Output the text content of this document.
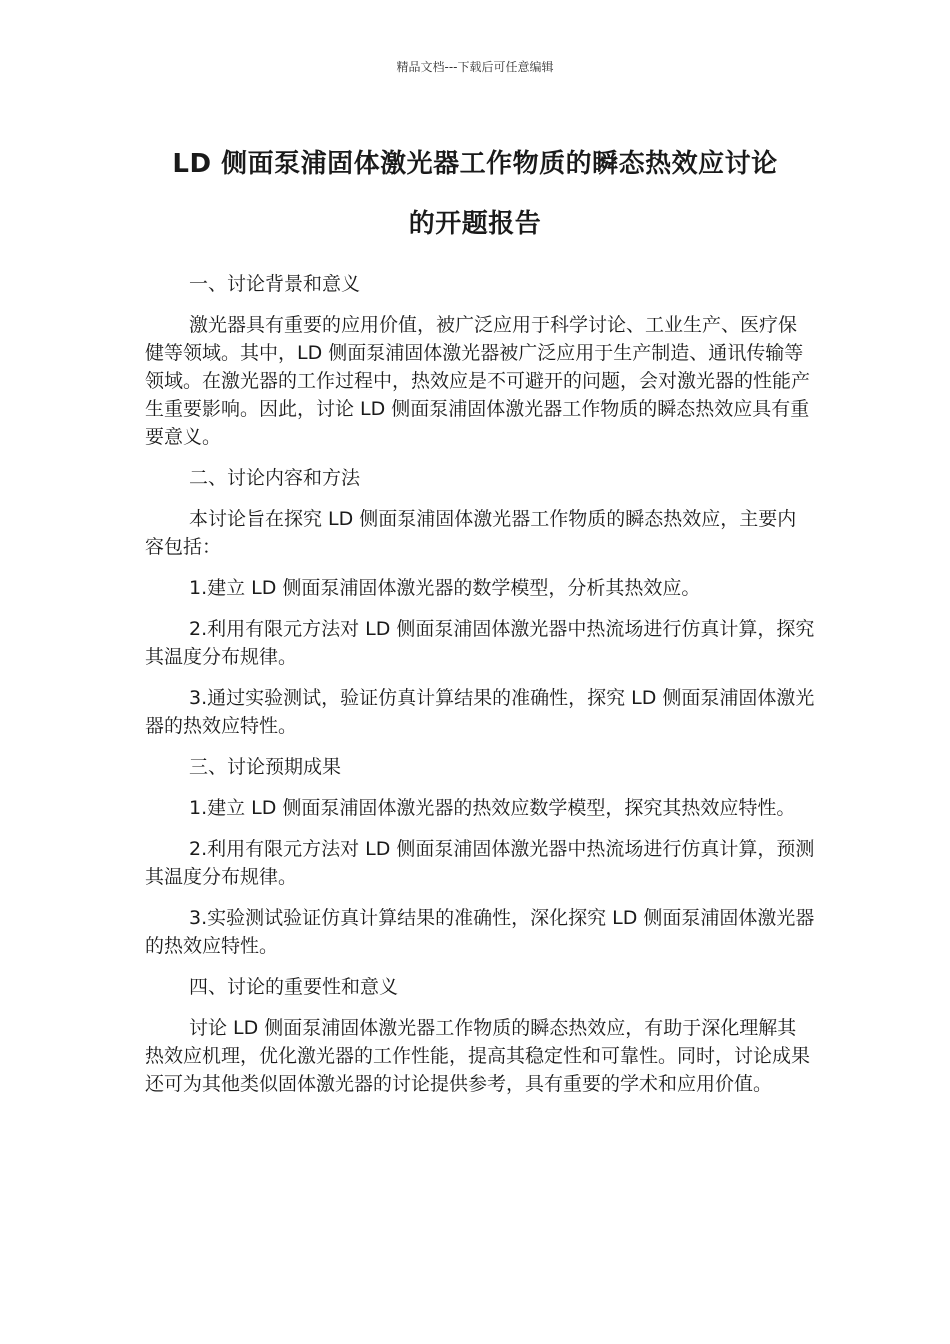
精品文档---下载后可任意编辑
LD 侧面泵浦固体激光器工作物质的瞬态热效应讨论
的开题报告

一、讨论背景和意义

激光器具有重要的应用价值，被广泛应用于科学讨论、工业生产、医疗保健等领域。其中，LD 侧面泵浦固体激光器被广泛应用于生产制造、通讯传输等领域。在激光器的工作过程中，热效应是不可避开的问题，会对激光器的性能产生重要影响。因此，讨论 LD 侧面泵浦固体激光器工作物质的瞬态热效应具有重要意义。

二、讨论内容和方法

本讨论旨在探究 LD 侧面泵浦固体激光器工作物质的瞬态热效应，主要内容包括：

1.建立 LD 侧面泵浦固体激光器的数学模型，分析其热效应。

2.利用有限元方法对 LD 侧面泵浦固体激光器中热流场进行仿真计算，探究其温度分布规律。

3.通过实验测试，验证仿真计算结果的准确性，探究 LD 侧面泵浦固体激光器的热效应特性。

三、讨论预期成果

1.建立 LD 侧面泵浦固体激光器的热效应数学模型，探究其热效应特性。

2.利用有限元方法对 LD 侧面泵浦固体激光器中热流场进行仿真计算，预测其温度分布规律。

3.实验测试验证仿真计算结果的准确性，深化探究 LD 侧面泵浦固体激光器的热效应特性。

四、讨论的重要性和意义

讨论 LD 侧面泵浦固体激光器工作物质的瞬态热效应，有助于深化理解其热效应机理，优化激光器的工作性能，提高其稳定性和可靠性。同时，讨论成果还可为其他类似固体激光器的讨论提供参考，具有重要的学术和应用价值。
